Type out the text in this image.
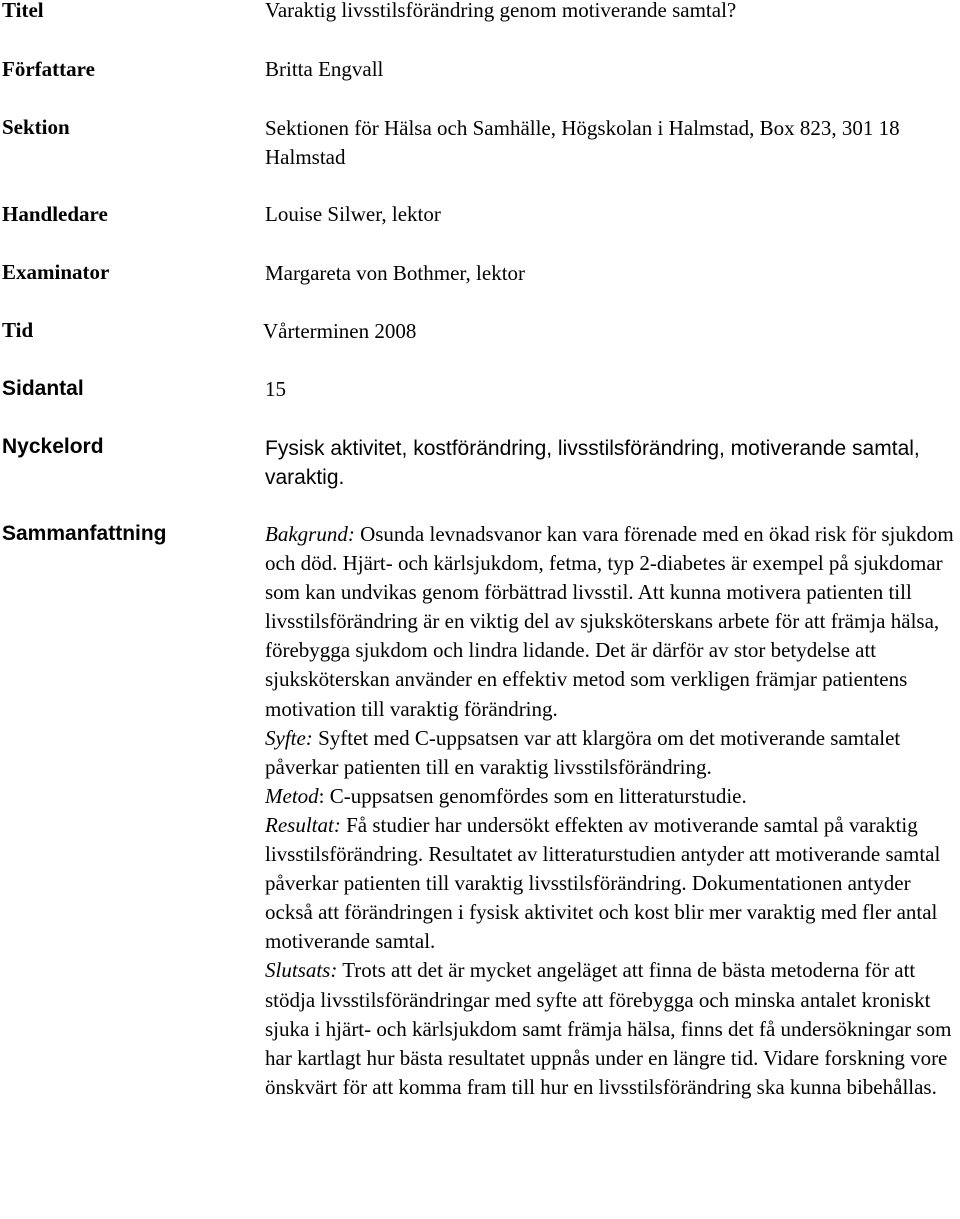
Titel
Författare
Sektion
Handledare
Examinator
Tid
Sidantal
Nyckelord
Sammanfattning
Varaktig livsstilsförändring genom motiverande samtal?
Britta Engvall
Sektionen för Hälsa och Samhälle, Högskolan i Halmstad, Box 823, 301 18 Halmstad
Louise Silwer, lektor
Margareta von Bothmer, lektor
Vårterminen 2008
15
Fysisk aktivitet, kostförändring, livsstilsförändring, motiverande samtal, varaktig.

Bakgrund: Osunda levnadsvanor kan vara förenade med en ökad risk för sjukdom och död. Hjärt- och kärlsjukdom, fetma, typ 2-diabetes är exempel på sjukdomar som kan undvikas genom förbättrad livsstil. Att kunna motivera patienten till livsstilsförändring är en viktig del av sjuksköterskans arbete för att främja hälsa, förebygga sjukdom och lindra lidande. Det är därför av stor betydelse att sjuksköterskan använder en effektiv metod som verkligen främjar patientens motivation till varaktig förändring.

Syfte: Syftet med C-uppsatsen var att klargöra om det motiverande samtalet påverkar patienten till en varaktig livsstilsförändring.

Metod: C-uppsatsen genomfördes som en litteraturstudie.

Resultat: Få studier har undersökt effekten av motiverande samtal på varaktig livsstilsförändring. Resultatet av litteraturstudien antyder att motiverande samtal påverkar patienten till varaktig livsstilsförändring. Dokumentationen antyder också att förändringen i fysisk aktivitet och kost blir mer varaktig med fler antal motiverande samtal.

Slutsats: Trots att det är mycket angeläget att finna de bästa metoderna för att stödja livsstilsförändringar med syfte att förebygga och minska antalet kroniskt sjuka i hjärt- och kärlsjukdom samt främja hälsa, finns det få undersökningar som har kartlagt hur bästa resultatet uppnås under en längre tid. Vidare forskning vore önskvärt för att komma fram till hur en livsstilsförändring ska kunna bibehållas.
